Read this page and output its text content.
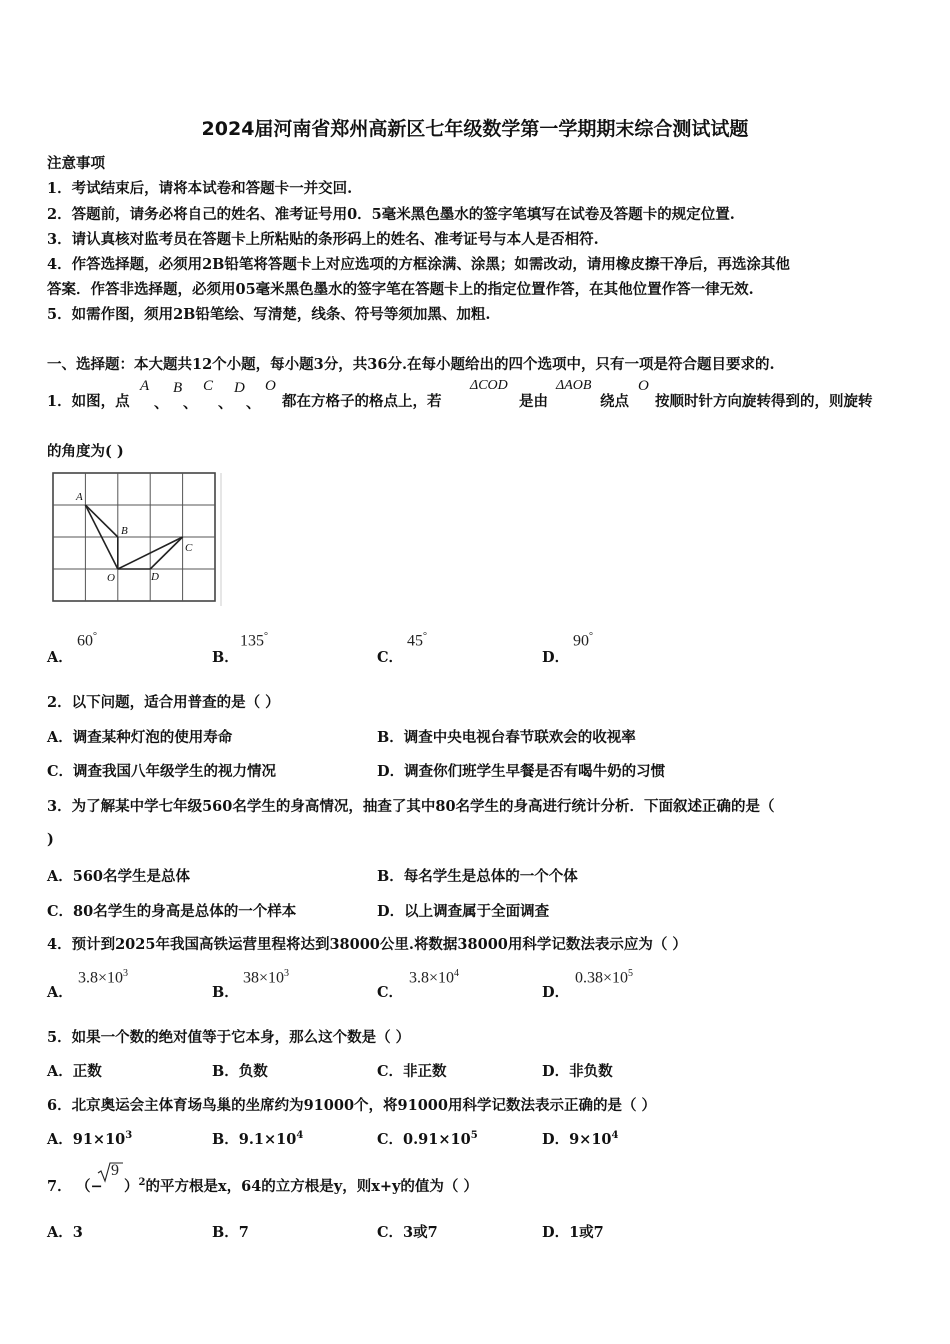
2024届河南省郑州高新区七年级数学第一学期期末综合测试试题
注意事项
1．考试结束后，请将本试卷和答题卡一并交回.
2．答题前，请务必将自己的姓名、准考证号用0．5毫米黑色墨水的签字笔填写在试卷及答题卡的规定位置.
3．请认真核对监考员在答题卡上所粘贴的条形码上的姓名、准考证号与本人是否相符.
4．作答选择题，必须用2B铅笔将答题卡上对应选项的方框涂满、涂黑；如需改动，请用橡皮擦干净后，再选涂其他
答案．作答非选择题，必须用05毫米黑色墨水的签字笔在答题卡上的指定位置作答，在其他位置作答一律无效.
5．如需作图，须用2B铅笔绘、写清楚，线条、符号等须加黑、加粗.
一、选择题：本大题共12个小题，每小题3分，共36分.在每小题给出的四个选项中，只有一项是符合题目要求的.
1．如图，点
A
、
B
、
C
、
D
、
O
都在方格子的格点上，若
ΔCOD
是由
ΔAOB
绕点
O
按顺时针方向旋转得到的，则旋转
的角度为( )
A
B
C
O	D
A．
60°
B．
135°
C．
45°
D．
90°
2．以下问题，适合用普查的是（ ）
A．调查某种灯泡的使用寿命	B．调查中央电视台春节联欢会的收视率
C．调查我国八年级学生的视力情况	D．调查你们班学生早餐是否有喝牛奶的习惯
3．为了解某中学七年级560名学生的身高情况，抽查了其中80名学生的身高进行统计分析．下面叙述正确的是（
)
A．560名学生是总体	B．每名学生是总体的一个个体
C．80名学生的身高是总体的一个样本	D．以上调查属于全面调查
4．预计到2025年我国高铁运营里程将达到38000公里.将数据38000用科学记数法表示应为（ ）
A．
$3.8\times 10^3$
B．
$38\times 10^3$
C．
$3.8\times 10^4$
D．
$0.38\times 10^5$
5．如果一个数的绝对值等于它本身，那么这个数是（ ）
A．正数	B．负数	C．非正数	D．非负数
6．北京奥运会主体育场鸟巢的坐席约为91000个，将91000用科学记数法表示正确的是（ ）
A．$91\times 10^3$	B．$9.1\times 10^4$	C．$0.91\times 10^5$	D．$9\times 10^4$
7． （−
9
）$^2$的平方根是x，64的立方根是y，则x+y的值为（ ）
A．3	B．7	C．3或7	D．1或7
